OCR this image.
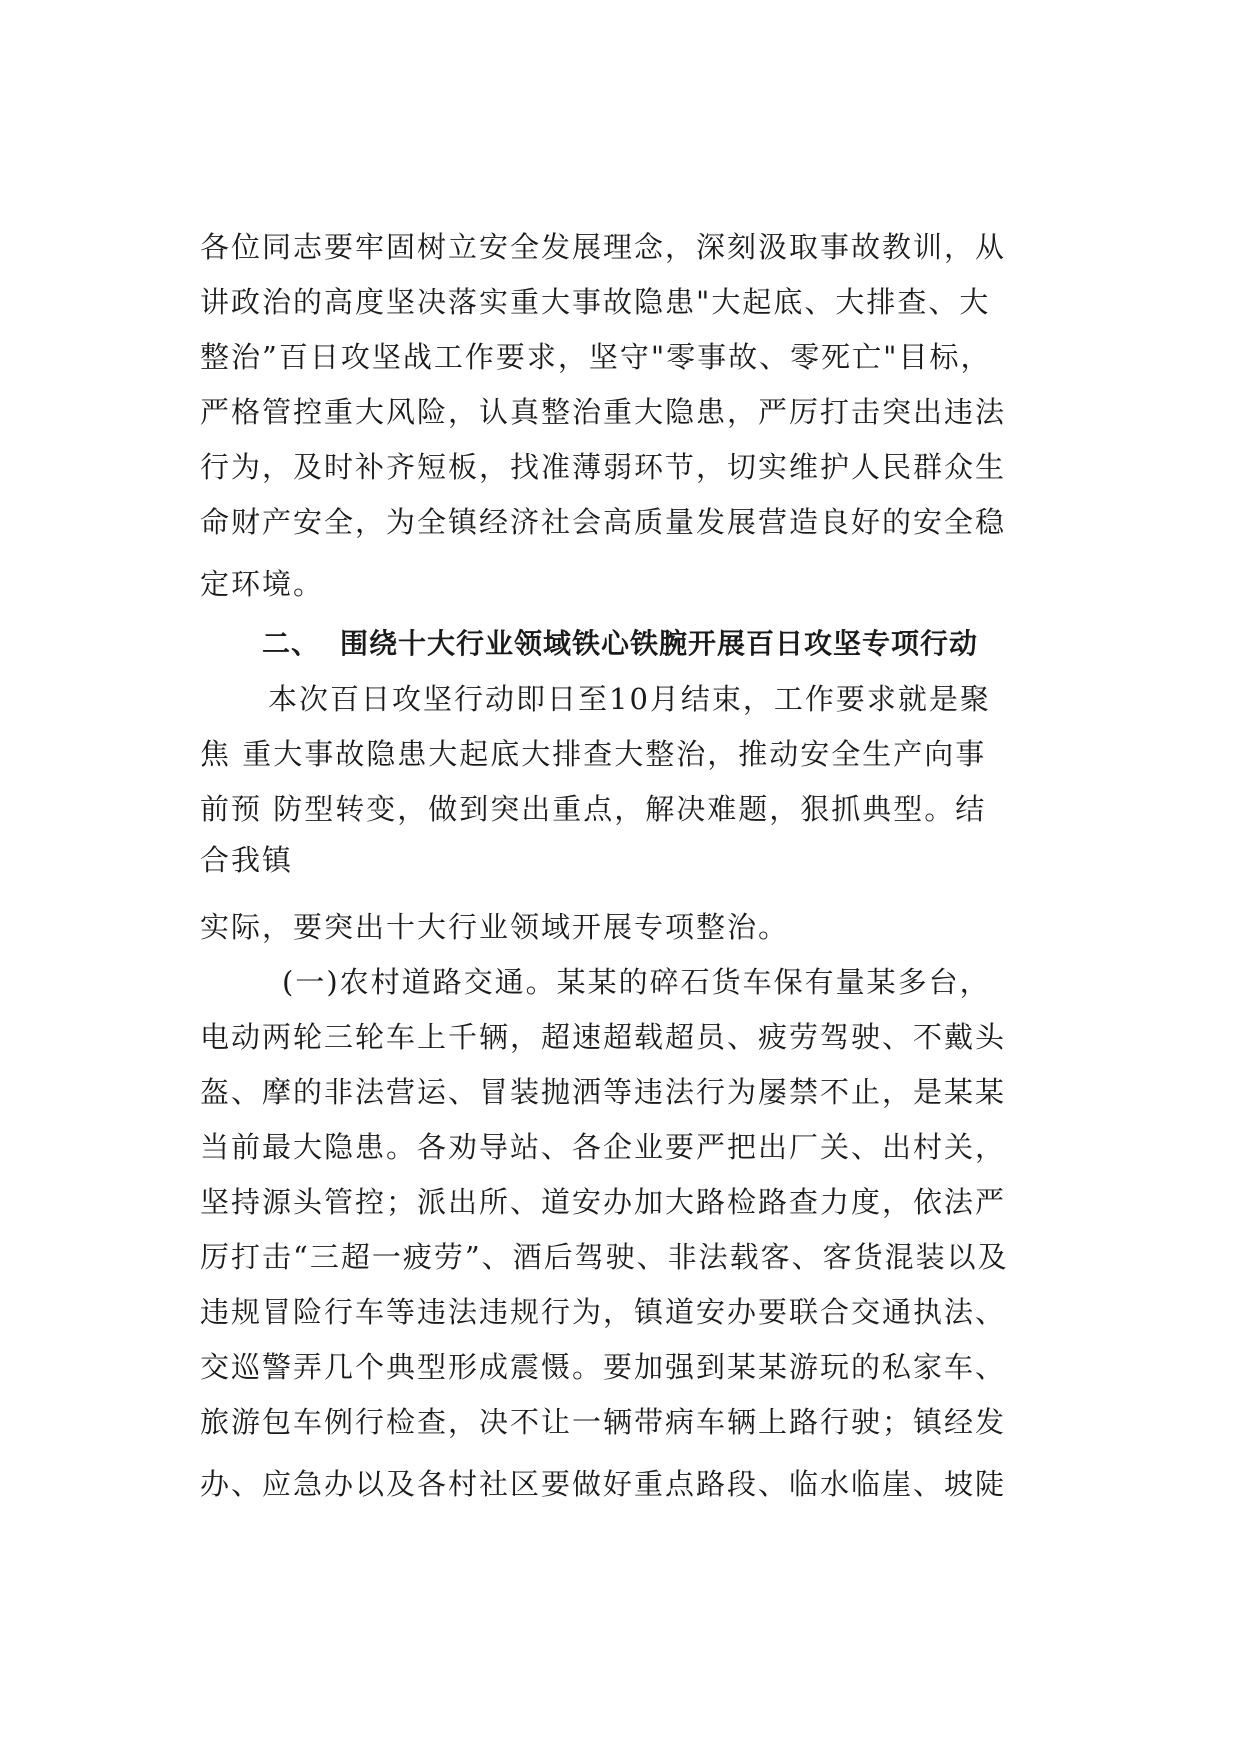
各位同志要牢固树立安全发展理念，深刻汲取事故教训，从
讲政治的高度坚决落实重大事故隐患"大起底、大排查、大
整治”百日攻坚战工作要求，坚守"零事故、零死亡"目标，
严格管控重大风险，认真整治重大隐患，严厉打击突出违法
行为，及时补齐短板，找准薄弱环节，切实维护人民群众生
命财产安全，为全镇经济社会高质量发展营造良好的安全稳
定环境。
二、 围绕十大行业领域铁心铁腕开展百日攻坚专项行动
本次百日攻坚行动即日至10月结束，工作要求就是聚
焦 重大事故隐患大起底大排查大整治，推动安全生产向事
前预 防型转变，做到突出重点，解决难题，狠抓典型。结
合我镇
实际，要突出十大行业领域开展专项整治。
(一)农村道路交通。某某的碎石货车保有量某多台，
电动两轮三轮车上千辆，超速超载超员、疲劳驾驶、不戴头
盔、摩的非法营运、冒装抛洒等违法行为屡禁不止，是某某
当前最大隐患。各劝导站、各企业要严把出厂关、出村关，
坚持源头管控；派出所、道安办加大路检路查力度，依法严
厉打击“三超一疲劳”、酒后驾驶、非法载客、客货混装以及
违规冒险行车等违法违规行为，镇道安办要联合交通执法、
交巡警弄几个典型形成震慑。要加强到某某游玩的私家车、
旅游包车例行检查，决不让一辆带病车辆上路行驶；镇经发
办、应急办以及各村社区要做好重点路段、临水临崖、坡陡
